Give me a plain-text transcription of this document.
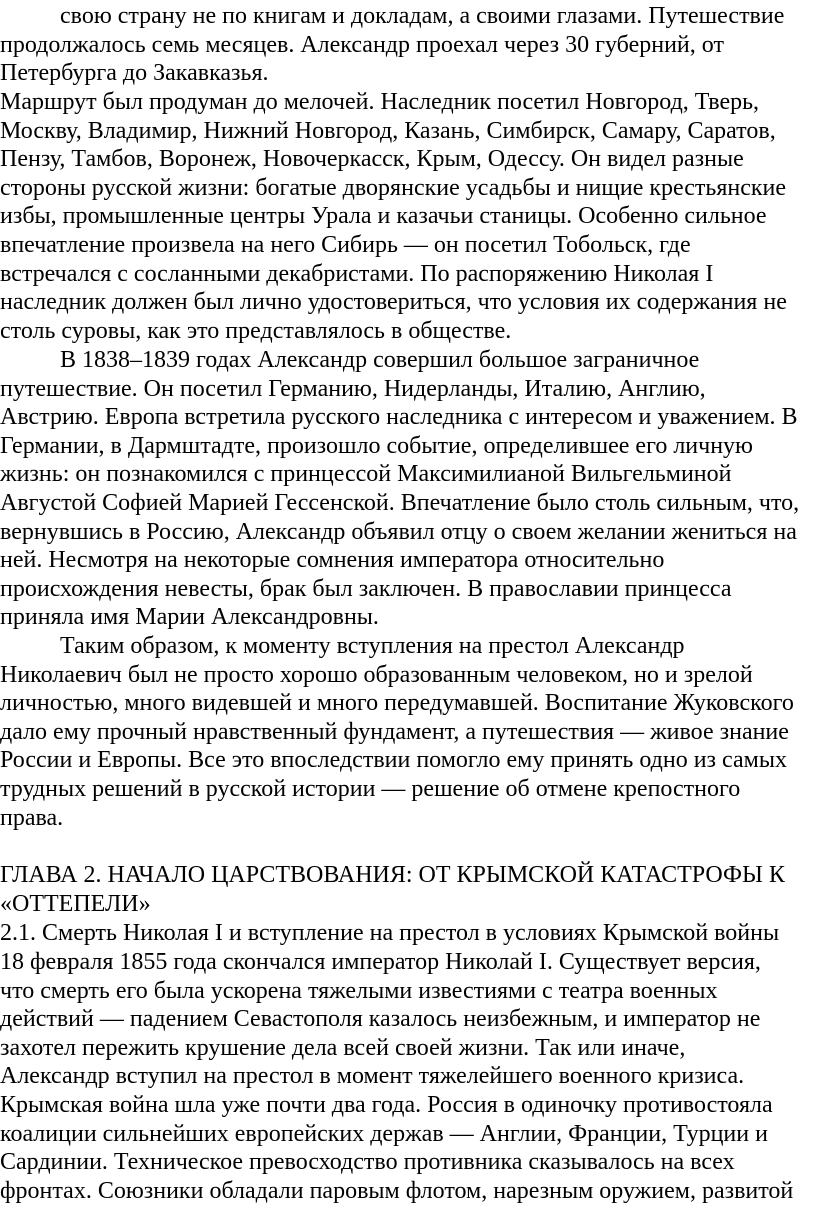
свою страну не по книгам и докладам, а своими глазами. Путешествие
продолжалось семь месяцев. Александр проехал через 30 губерний, от
Петербурга до Закавказья.
Маршрут был продуман до мелочей. Наследник посетил Новгород, Тверь,
Москву, Владимир, Нижний Новгород, Казань, Симбирск, Самару, Саратов,
Пензу, Тамбов, Воронеж, Новочеркасск, Крым, Одессу. Он видел разные
стороны русской жизни: богатые дворянские усадьбы и нищие крестьянские
избы, промышленные центры Урала и казачьи станицы. Особенно сильное
впечатление произвела на него Сибирь — он посетил Тобольск, где
встречался с сосланными декабристами. По распоряжению Николая I
наследник должен был лично удостовериться, что условия их содержания не
столь суровы, как это представлялось в обществе.
В 1838–1839 годах Александр совершил большое заграничное
путешествие. Он посетил Германию, Нидерланды, Италию, Англию,
Австрию. Европа встретила русского наследника с интересом и уважением. В
Германии, в Дармштадте, произошло событие, определившее его личную
жизнь: он познакомился с принцессой Максимилианой Вильгельминой
Августой Софией Марией Гессенской. Впечатление было столь сильным, что,
вернувшись в Россию, Александр объявил отцу о своем желании жениться на
ней. Несмотря на некоторые сомнения императора относительно
происхождения невесты, брак был заключен. В православии принцесса
приняла имя Марии Александровны.
Таким образом, к моменту вступления на престол Александр
Николаевич был не просто хорошо образованным человеком, но и зрелой
личностью, много видевшей и много передумавшей. Воспитание Жуковского
дало ему прочный нравственный фундамент, а путешествия — живое знание
России и Европы. Все это впоследствии помогло ему принять одно из самых
трудных решений в русской истории — решение об отмене крепостного
права.
ГЛАВА 2. НАЧАЛО ЦАРСТВОВАНИЯ: ОТ КРЫМСКОЙ КАТАСТРОФЫ К
«ОТТЕПЕЛИ»
2.1. Смерть Николая I и вступление на престол в условиях Крымской войны
18 февраля 1855 года скончался император Николай I. Существует версия,
что смерть его была ускорена тяжелыми известиями с театра военных
действий — падением Севастополя казалось неизбежным, и император не
захотел пережить крушение дела всей своей жизни. Так или иначе,
Александр вступил на престол в момент тяжелейшего военного кризиса.
Крымская война шла уже почти два года. Россия в одиночку противостояла
коалиции сильнейших европейских держав — Англии, Франции, Турции и
Сардинии. Техническое превосходство противника сказывалось на всех
фронтах. Союзники обладали паровым флотом, нарезным оружием, развитой
